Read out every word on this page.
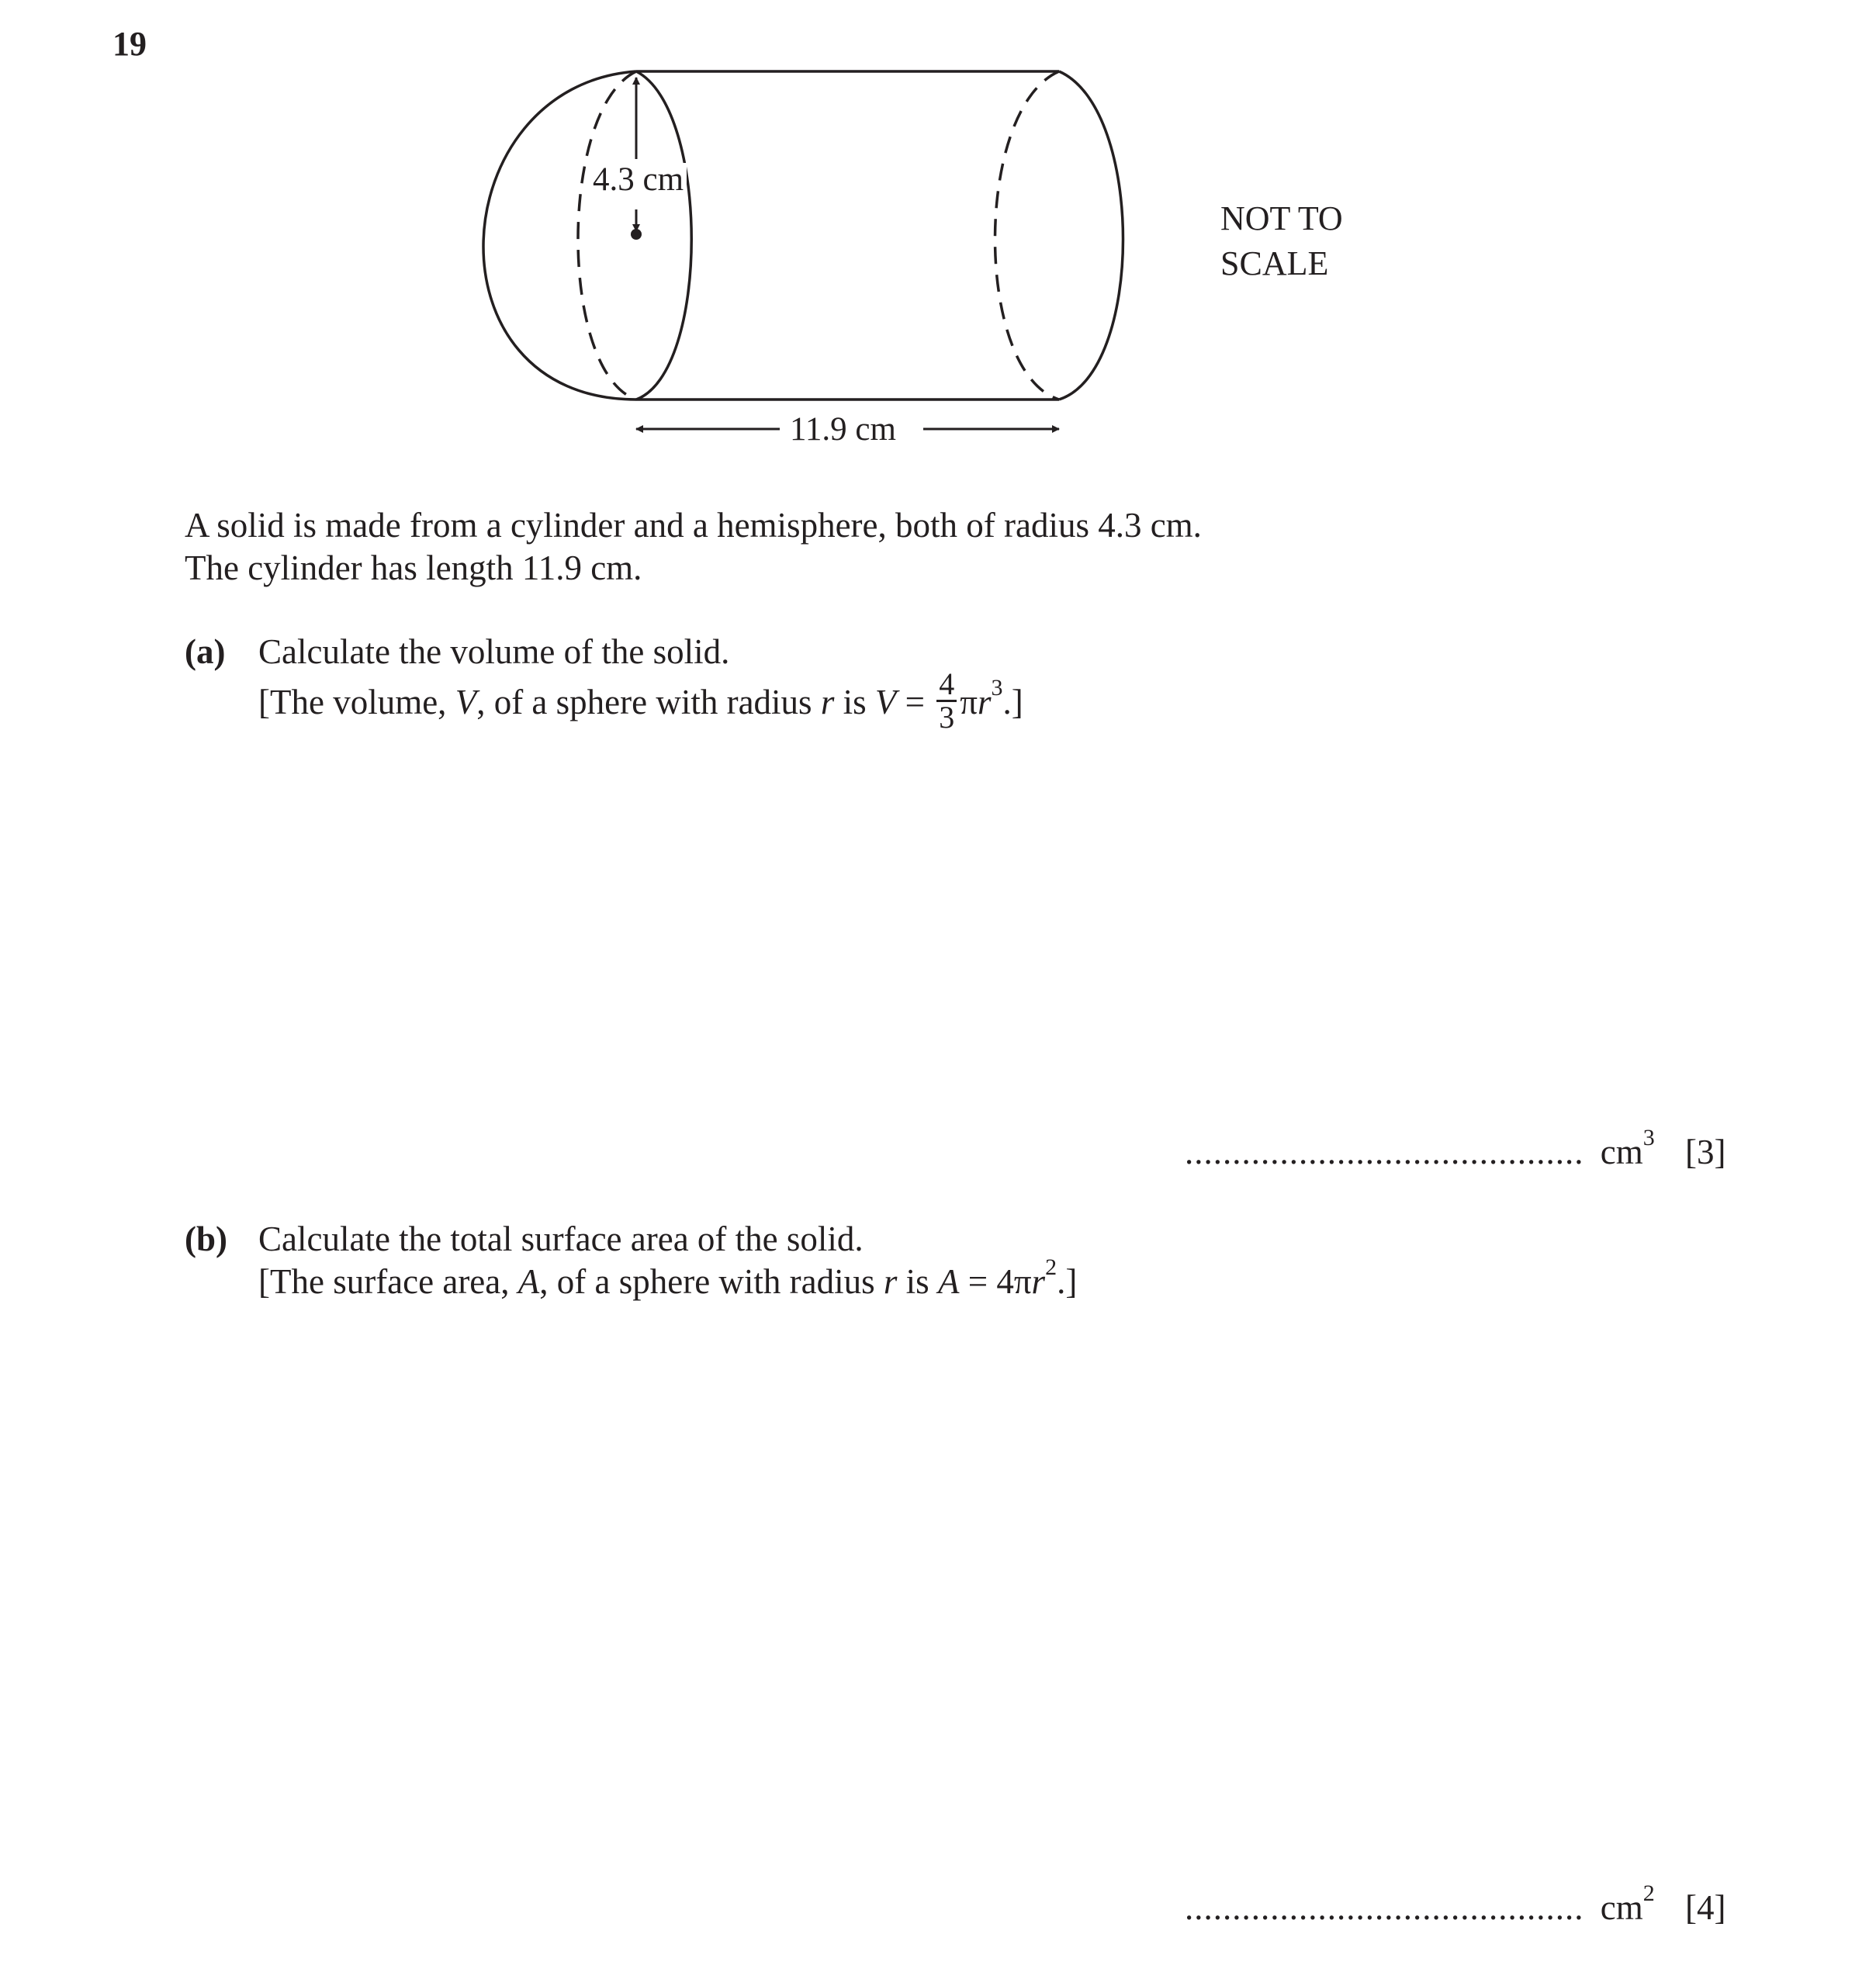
19
4.3 cm
11.9 cm
NOT TO
SCALE
A solid is made from a cylinder and a hemisphere, both of radius 4.3 cm.
The cylinder has length 11.9 cm.
(a) Calculate the volume of the solid.
[The volume, V, of a sphere with radius r is $V = \frac{4}{3} \pi r^3$.]
.......................................... $cm^3$ [3]
(b) Calculate the total surface area of the solid.
[The surface area, A, of a sphere with radius r is $A = 4\pi r^2$.]
.......................................... $cm^2$ [4]
